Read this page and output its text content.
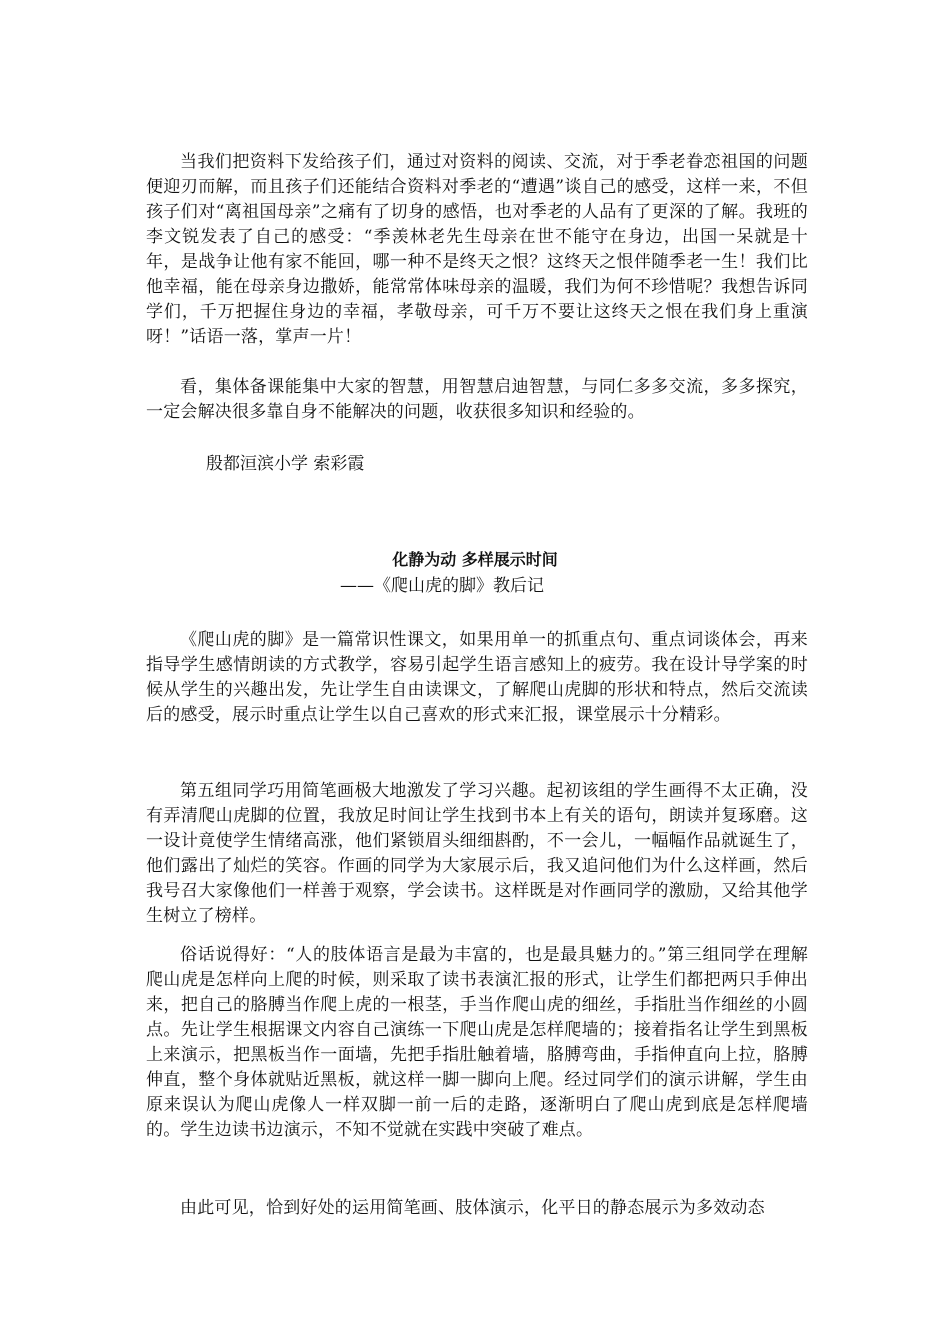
当我们把资料下发给孩子们，通过对资料的阅读、交流，对于季老眷恋祖国的问题便迎刃而解，而且孩子们还能结合资料对季老的“遭遇”谈自己的感受，这样一来，不但孩子们对“离祖国母亲”之痛有了切身的感悟，也对季老的人品有了更深的了解。我班的李文锐发表了自己的感受：“季羡林老先生母亲在世不能守在身边，出国一呆就是十年，是战争让他有家不能回，哪一种不是终天之恨？这终天之恨伴随季老一生！我们比他幸福，能在母亲身边撒娇，能常常体味母亲的温暖，我们为何不珍惜呢？我想告诉同学们，千万把握住身边的幸福，孝敬母亲，可千万不要让这终天之恨在我们身上重演呀！”话语一落，掌声一片！

看，集体备课能集中大家的智慧，用智慧启迪智慧，与同仁多多交流，多多探究，一定会解决很多靠自身不能解决的问题，收获很多知识和经验的。

殷都洹滨小学 索彩霞

化静为动 多样展示时间

——《爬山虎的脚》教后记

《爬山虎的脚》是一篇常识性课文，如果用单一的抓重点句、重点词谈体会，再来指导学生感情朗读的方式教学，容易引起学生语言感知上的疲劳。我在设计导学案的时候从学生的兴趣出发，先让学生自由读课文，了解爬山虎脚的形状和特点，然后交流读后的感受，展示时重点让学生以自己喜欢的形式来汇报，课堂展示十分精彩。

第五组同学巧用简笔画极大地激发了学习兴趣。起初该组的学生画得不太正确，没有弄清爬山虎脚的位置，我放足时间让学生找到书本上有关的语句，朗读并复琢磨。这一设计竟使学生情绪高涨，他们紧锁眉头细细斟酌，不一会儿，一幅幅作品就诞生了，他们露出了灿烂的笑容。作画的同学为大家展示后，我又追问他们为什么这样画，然后我号召大家像他们一样善于观察，学会读书。这样既是对作画同学的激励，又给其他学生树立了榜样。

俗话说得好：“人的肢体语言是最为丰富的，也是最具魅力的。”第三组同学在理解爬山虎是怎样向上爬的时候，则采取了读书表演汇报的形式，让学生们都把两只手伸出来，把自己的胳膊当作爬上虎的一根茎，手当作爬山虎的细丝，手指肚当作细丝的小圆点。先让学生根据课文内容自己演练一下爬山虎是怎样爬墙的；接着指名让学生到黑板上来演示，把黑板当作一面墙，先把手指肚触着墙，胳膊弯曲，手指伸直向上拉，胳膊伸直，整个身体就贴近黑板，就这样一脚一脚向上爬。经过同学们的演示讲解，学生由原来误认为爬山虎像人一样双脚一前一后的走路，逐渐明白了爬山虎到底是怎样爬墙的。学生边读书边演示，不知不觉就在实践中突破了难点。

由此可见，恰到好处的运用简笔画、肢体演示，化平日的静态展示为多效动态
